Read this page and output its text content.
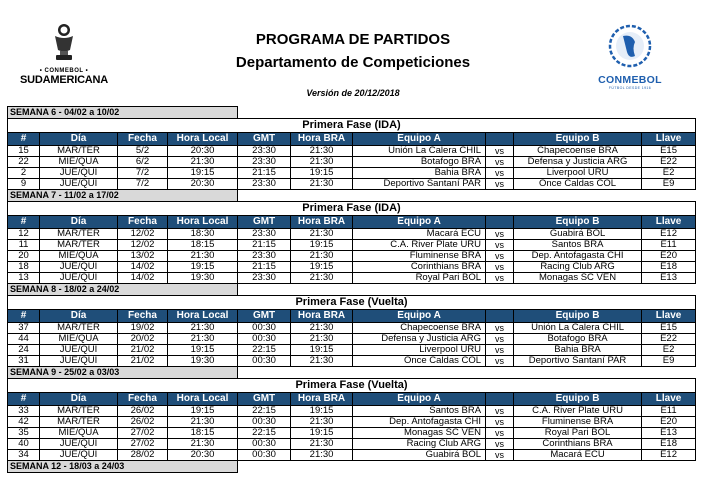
• CONMEBOL •
SUDAMERICANA
PROGRAMA DE PARTIDOS
Departamento de Competiciones
Versión de 20/12/2018
CONMEBOL
FÚTBOL DESDE 1916
SEMANA 6 - 04/02 a 10/02									
Primera Fase (IDA)									
#	Día	Fecha	Hora Local	GMT	Hora BRA	Equipo A		Equipo B	Llave
15	MAR/TER	5/2	20:30	23:30	21:30	Unión La Calera CHIL	vs	Chapecoense BRA	E15
22	MIE/QUA	6/2	21:30	23:30	21:30	Botafogo BRA	vs	Defensa y Justicia ARG	E22
2	JUE/QUI	7/2	19:15	21:15	19:15	Bahia BRA	vs	Liverpool URU	E2
9	JUE/QUI	7/2	20:30	23:30	21:30	Deportivo Santaní PAR	vs	Once Caldas COL	E9
SEMANA 7 - 11/02 a 17/02									
Primera Fase (IDA)									
#	Día	Fecha	Hora Local	GMT	Hora BRA	Equipo A		Equipo B	Llave
12	MAR/TER	12/02	18:30	23:30	21:30	Macará ECU	vs	Guabirá BOL	E12
11	MAR/TER	12/02	18:15	21:15	19:15	C.A. River Plate URU	vs	Santos BRA	E11
20	MIE/QUA	13/02	21:30	23:30	21:30	Fluminense BRA	vs	Dep. Antofagasta CHI	E20
18	JUE/QUI	14/02	19:15	21:15	19:15	Corinthians BRA	vs	Racing Club ARG	E18
13	JUE/QUI	14/02	19:30	23:30	21:30	Royal Pari BOL	vs	Monagas SC VEN	E13
SEMANA 8 - 18/02 a 24/02									
Primera Fase (Vuelta)									
#	Día	Fecha	Hora Local	GMT	Hora BRA	Equipo A		Equipo B	Llave
37	MAR/TER	19/02	21:30	00:30	21:30	Chapecoense BRA	vs	Unión La Calera CHIL	E15
44	MIE/QUA	20/02	21:30	00:30	21:30	Defensa y Justicia ARG	vs	Botafogo BRA	E22
24	JUE/QUI	21/02	19:15	22:15	19:15	Liverpool URU	vs	Bahia BRA	E2
31	JUE/QUI	21/02	19:30	00:30	21:30	Once Caldas COL	vs	Deportivo Santaní PAR	E9
SEMANA 9 - 25/02 a 03/03									
Primera Fase (Vuelta)									
#	Día	Fecha	Hora Local	GMT	Hora BRA	Equipo A		Equipo B	Llave
33	MAR/TER	26/02	19:15	22:15	19:15	Santos BRA	vs	C.A. River Plate URU	E11
42	MAR/TER	26/02	21:30	00:30	21:30	Dep. Antofagasta CHI	vs	Fluminense BRA	E20
35	MIE/QUA	27/02	18:15	22:15	19:15	Monagas SC VEN	vs	Royal Pari BOL	E13
40	JUE/QUI	27/02	21:30	00:30	21:30	Racing Club ARG	vs	Corinthians BRA	E18
34	JUE/QUI	28/02	20:30	00:30	21:30	Guabirá BOL	vs	Macará ECU	E12
SEMANA 12 - 18/03 a 24/03									
